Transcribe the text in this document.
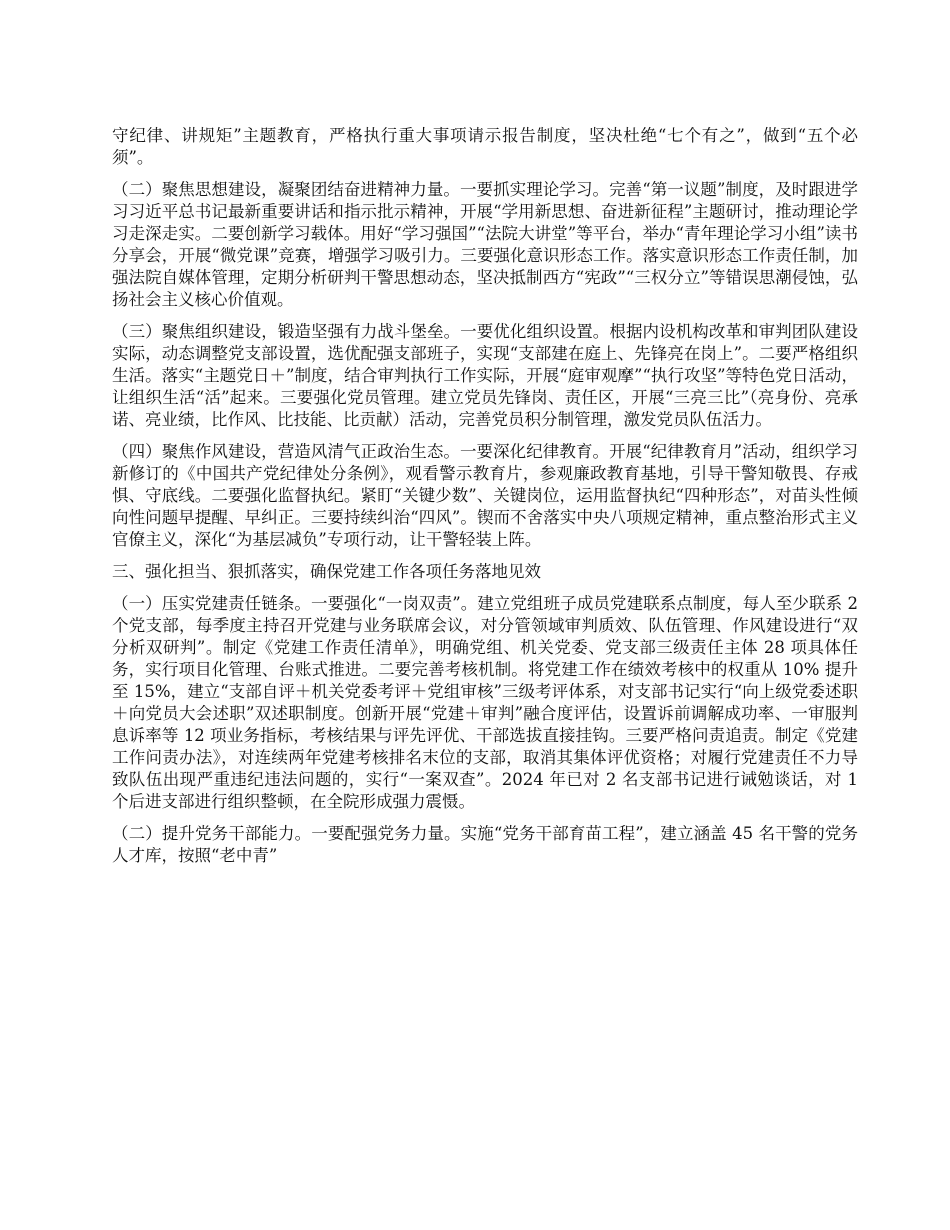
守纪律、讲规矩”主题教育，严格执行重大事项请示报告制度，坚决杜绝“七个有之”，做到“五个必须”。

（二）聚焦思想建设，凝聚团结奋进精神力量。一要抓实理论学习。完善“第一议题”制度，及时跟进学习习近平总书记最新重要讲话和指示批示精神，开展“学用新思想、奋进新征程”主题研讨，推动理论学习走深走实。二要创新学习载体。用好“学习强国”“法院大讲堂”等平台，举办“青年理论学习小组”读书分享会，开展“微党课”竞赛，增强学习吸引力。三要强化意识形态工作。落实意识形态工作责任制，加强法院自媒体管理，定期分析研判干警思想动态，坚决抵制西方“宪政”“三权分立”等错误思潮侵蚀，弘扬社会主义核心价值观。

（三）聚焦组织建设，锻造坚强有力战斗堡垒。一要优化组织设置。根据内设机构改革和审判团队建设实际，动态调整党支部设置，选优配强支部班子，实现“支部建在庭上、先锋亮在岗上”。二要严格组织生活。落实“主题党日＋”制度，结合审判执行工作实际，开展“庭审观摩”“执行攻坚”等特色党日活动，让组织生活“活”起来。三要强化党员管理。建立党员先锋岗、责任区，开展“三亮三比”（亮身份、亮承诺、亮业绩，比作风、比技能、比贡献）活动，完善党员积分制管理，激发党员队伍活力。

（四）聚焦作风建设，营造风清气正政治生态。一要深化纪律教育。开展“纪律教育月”活动，组织学习新修订的《中国共产党纪律处分条例》，观看警示教育片，参观廉政教育基地，引导干警知敬畏、存戒惧、守底线。二要强化监督执纪。紧盯“关键少数”、关键岗位，运用监督执纪“四种形态”，对苗头性倾向性问题早提醒、早纠正。三要持续纠治“四风”。锲而不舍落实中央八项规定精神，重点整治形式主义官僚主义，深化“为基层减负”专项行动，让干警轻装上阵。

三、强化担当、狠抓落实，确保党建工作各项任务落地见效

（一）压实党建责任链条。一要强化“一岗双责”。建立党组班子成员党建联系点制度，每人至少联系 2 个党支部，每季度主持召开党建与业务联席会议，对分管领域审判质效、队伍管理、作风建设进行“双分析双研判”。制定《党建工作责任清单》，明确党组、机关党委、党支部三级责任主体 28 项具体任务，实行项目化管理、台账式推进。二要完善考核机制。将党建工作在绩效考核中的权重从 10% 提升至 15%，建立“支部自评＋机关党委考评＋党组审核”三级考评体系，对支部书记实行“向上级党委述职＋向党员大会述职”双述职制度。创新开展“党建＋审判”融合度评估，设置诉前调解成功率、一审服判息诉率等 12 项业务指标，考核结果与评先评优、干部选拔直接挂钩。三要严格问责追责。制定《党建工作问责办法》，对连续两年党建考核排名末位的支部，取消其集体评优资格；对履行党建责任不力导致队伍出现严重违纪违法问题的，实行“一案双查”。2024 年已对 2 名支部书记进行诫勉谈话，对 1 个后进支部进行组织整顿，在全院形成强力震慑。

（二）提升党务干部能力。一要配强党务力量。实施“党务干部育苗工程”，建立涵盖 45 名干警的党务人才库，按照“老中青”
